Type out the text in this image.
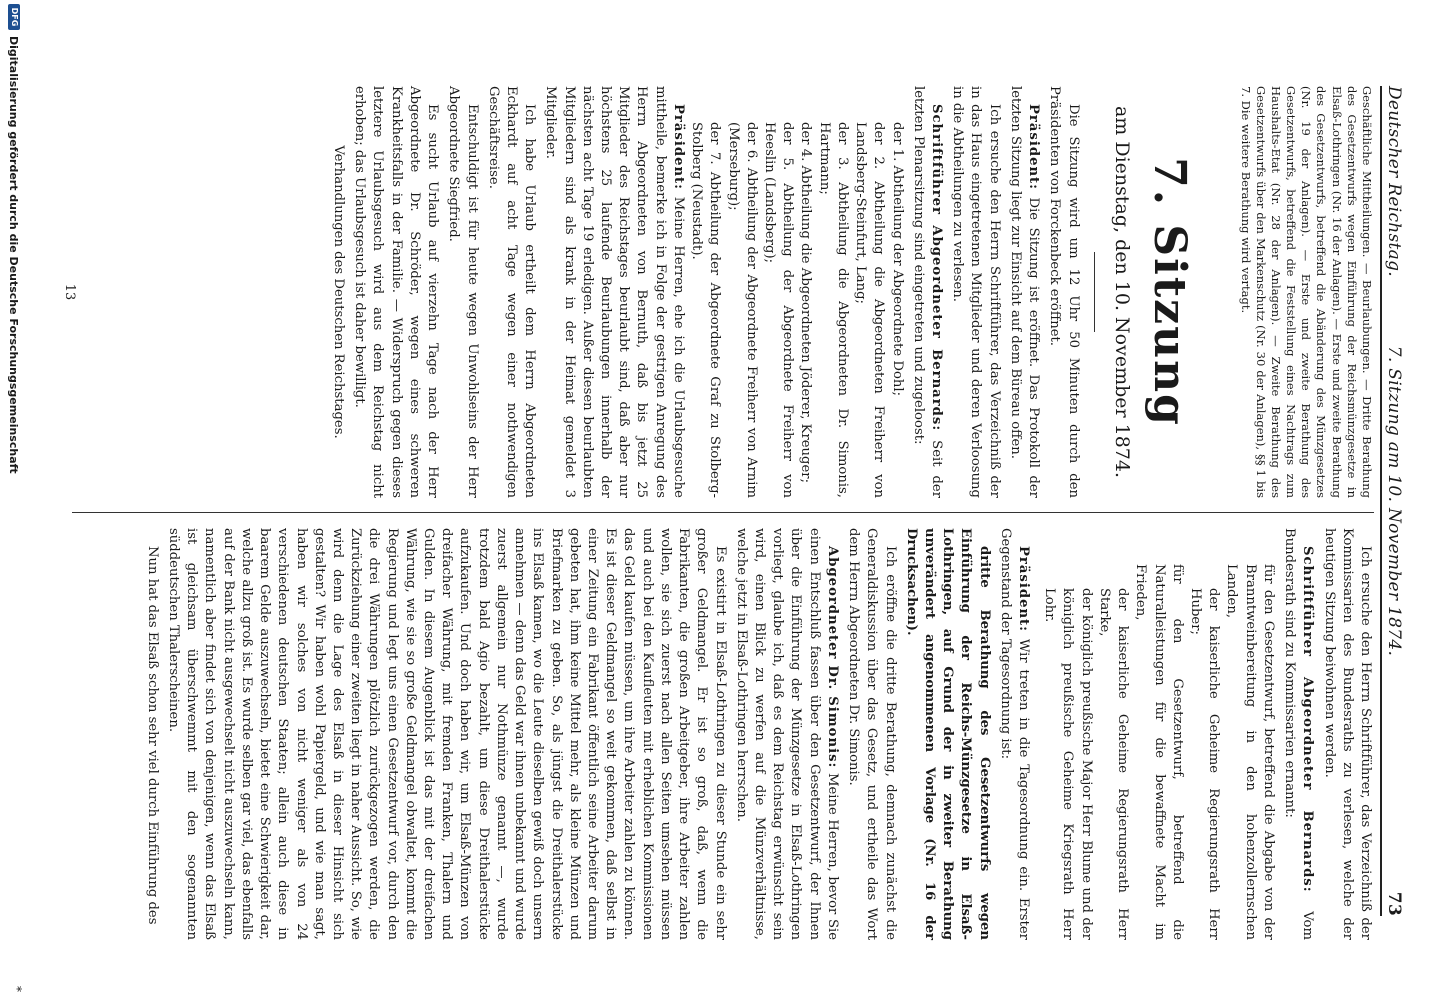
Deutscher Reichstag.
7. Sitzung am 10. November 1874.
73

Geschäftliche Mittheilungen. — Beurlaubungen. — Dritte Berathung des Gesetzentwurfs wegen Einführung der Reichsmünzgesetze in Elsaß-Lothringen (Nr. 16 der Anlagen). — Erste und zweite Berathung des Gesetzentwurfs, betreffend die Abänderung des Münzgesetzes (Nr. 19 der Anlagen). — Erste und zweite Berathung des Gesetzentwurfs, betreffend die Feststellung eines Nachtrags zum Haushalts-Etat (Nr. 28 der Anlagen). — Zweite Berathung des Gesetzentwurfs über den Markenschutz (Nr. 30 der Anlagen), §§ 1 bis 7. Die weitere Berathung wird vertagt.

7. Sitzung
am Dienstag, den 10. November 1874.

Die Sitzung wird um 12 Uhr 50 Minuten durch den Präsidenten von Forckenbeck eröffnet.

Präsident: Die Sitzung ist eröffnet. Das Protokoll der letzten Sitzung liegt zur Einsicht auf dem Büreau offen.

Ich ersuche den Herrn Schriftführer, das Verzeichniß der in das Haus eingetretenen Mitglieder und deren Verloosung in die Abtheilungen zu verlesen.

Schriftführer Abgeordneter Bernards: Seit der letzten Plenarsitzung sind eingetreten und zugeloost:

der 1. Abtheilung der Abgeordnete Dohl;

der 2. Abtheilung die Abgeordneten Freiherr von Landsberg-Steinfurt, Lang;

der 3. Abtheilung die Abgeordneten Dr. Simonis, Hartmann;

der 4. Abtheilung die Abgeordneten Jöderer, Kreuger;

der 5. Abtheilung der Abgeordnete Freiherr von Heeslin (Landsberg);

der 6. Abtheilung der Abgeordnete Freiherr von Arnim (Merseburg);

der 7. Abtheilung der Abgeordnete Graf zu Stolberg-Stolberg (Neustadt).

Präsident: Meine Herren, ehe ich die Urlaubsgesuche mittheile, bemerke ich in Folge der gestrigen Anregung des Herrn Abgeordneten von Bernuth, daß bis jetzt 25 Mitglieder des Reichstages beurlaubt sind, daß aber nur höchstens 25 laufende Beurlaubungen innerhalb der nächsten acht Tage 19 erledigen. Außer diesen beurlaubten Mitgliedern sind als krank in der Heimat gemeldet 3 Mitglieder.

Ich habe Urlaub ertheilt dem Herrn Abgeordneten Eckhardt auf acht Tage wegen einer nothwendigen Geschäftsreise.

Entschuldigt ist für heute wegen Unwohlseins der Herr Abgeordnete Siegfried.

Es sucht Urlaub auf vierzehn Tage nach der Herr Abgeordnete Dr. Schröder, wegen eines schweren Krankheitsfalls in der Familie. — Widerspruch gegen dieses letztere Urlaubsgesuch wird aus dem Reichstag nicht erhoben; das Urlaubsgesuch ist daher bewilligt.

Verhandlungen des Deutschen Reichstages.

13

Ich ersuche den Herrn Schriftführer, das Verzeichniß der Kommissarien des Bundesraths zu verlesen, welche der heutigen Sitzung beiwohnen werden.

Schriftführer Abgeordneter Bernards: Vom Bundesrath sind zu Kommissarien ernannt:

für den Gesetzentwurf, betreffend die Abgabe von der Branntweinbereitung in den hohenzollernschen Landen,

der kaiserliche Geheime Regierungsrath Herr Huber;

für den Gesetzentwurf, betreffend die Naturalleistungen für die bewaffnete Macht im Frieden,

der kaiserliche Geheime Regierungsrath Herr Starke,

der königlich preußische Major Herr Blume und der königlich preußische Geheime Kriegsrath Herr Lohr.

Präsident: Wir treten in die Tagesordnung ein. Erster Gegenstand der Tagesordnung ist:

dritte Berathung des Gesetzentwurfs wegen Einführung der Reichs-Münzgesetze in Elsaß-Lothringen, auf Grund der in zweiter Berathung unverändert angenommenen Vorlage (Nr. 16 der Drucksachen).

Ich eröffne die dritte Berathung, demnach zunächst die Generaldiskussion über das Gesetz, und ertheile das Wort dem Herrn Abgeordneten Dr. Simonis.

Abgeordneter Dr. Simonis: Meine Herren, bevor Sie einen Entschluß fassen über den Gesetzentwurf, der Ihnen über die Einführung der Münzgesetze in Elsaß-Lothringen vorliegt, glaube ich, daß es dem Reichstag erwünscht sein wird, einen Blick zu werfen auf die Münzverhältnisse, welche jetzt in Elsaß-Lothringen herrschen.

Es existirt in Elsaß-Lothringen zu dieser Stunde ein sehr großer Geldmangel. Er ist so groß, daß, wenn die Fabrikanten, die großen Arbeitgeber, ihre Arbeiter zahlen wollen, sie sich zuerst nach allen Seiten umsehen müssen und auch bei den Kaufleuten mit erheblichen Kommissionen das Geld kaufen müssen, um ihre Arbeiter zahlen zu können. Es ist dieser Geldmangel so weit gekommen, daß selbst in einer Zeitung ein Fabrikant öffentlich seine Arbeiter darum gebeten hat, ihm keine Mittel mehr, als kleine Münzen und Briefmarken zu geben. So, als jüngst die Dreithalerstücke ins Elsaß kamen, wo die Leute dieselben gewiß doch unsern annehmen — denn das Geld war ihnen unbekannt und wurde zuerst allgemein nur Nothmünze genannt —, wurde trotzdem bald Agio bezahlt, um diese Dreithalerstücke aufzukaufen. Und doch haben wir, um Elsaß-Münzen von dreifacher Währung, mit fremden Franken, Thalern und Gulden. In diesem Augenblick ist das mit der dreifachen Währung, wie sie so große Geldmangel obwaltet, kommt die Regierung und legt uns einen Gesetzentwurf vor, durch den die drei Währungen plötzlich zurückgezogen werden, die Zurückziehung einer zweiten liegt in naher Aussicht. So, wie wird denn die Lage des Elsaß in dieser Hinsicht sich gestalten? Wir haben wohl Papiergeld, und wie man sagt, haben wir solches von nicht weniger als von 24 verschiedenen deutschen Staaten; allein auch diese in baarem Gelde auszuwechseln, bietet eine Schwierigkeit dar, welche allzu groß ist. Es wurde selben gar viel, das ebenfalls auf der Bank nicht ausgewechselt nicht auszuwechseln kann, namentlich aber findet sich von denjenigen, wenn das Elsaß ist gleichsam überschwemmt mit den sogenannten süddeutschen Thalerscheinen.

Nun hat das Elsaß schon sehr viel durch Einführung des

DFG
Digitalisierung gefördert durch die Deutsche Forschungsgemeinschaft
*
